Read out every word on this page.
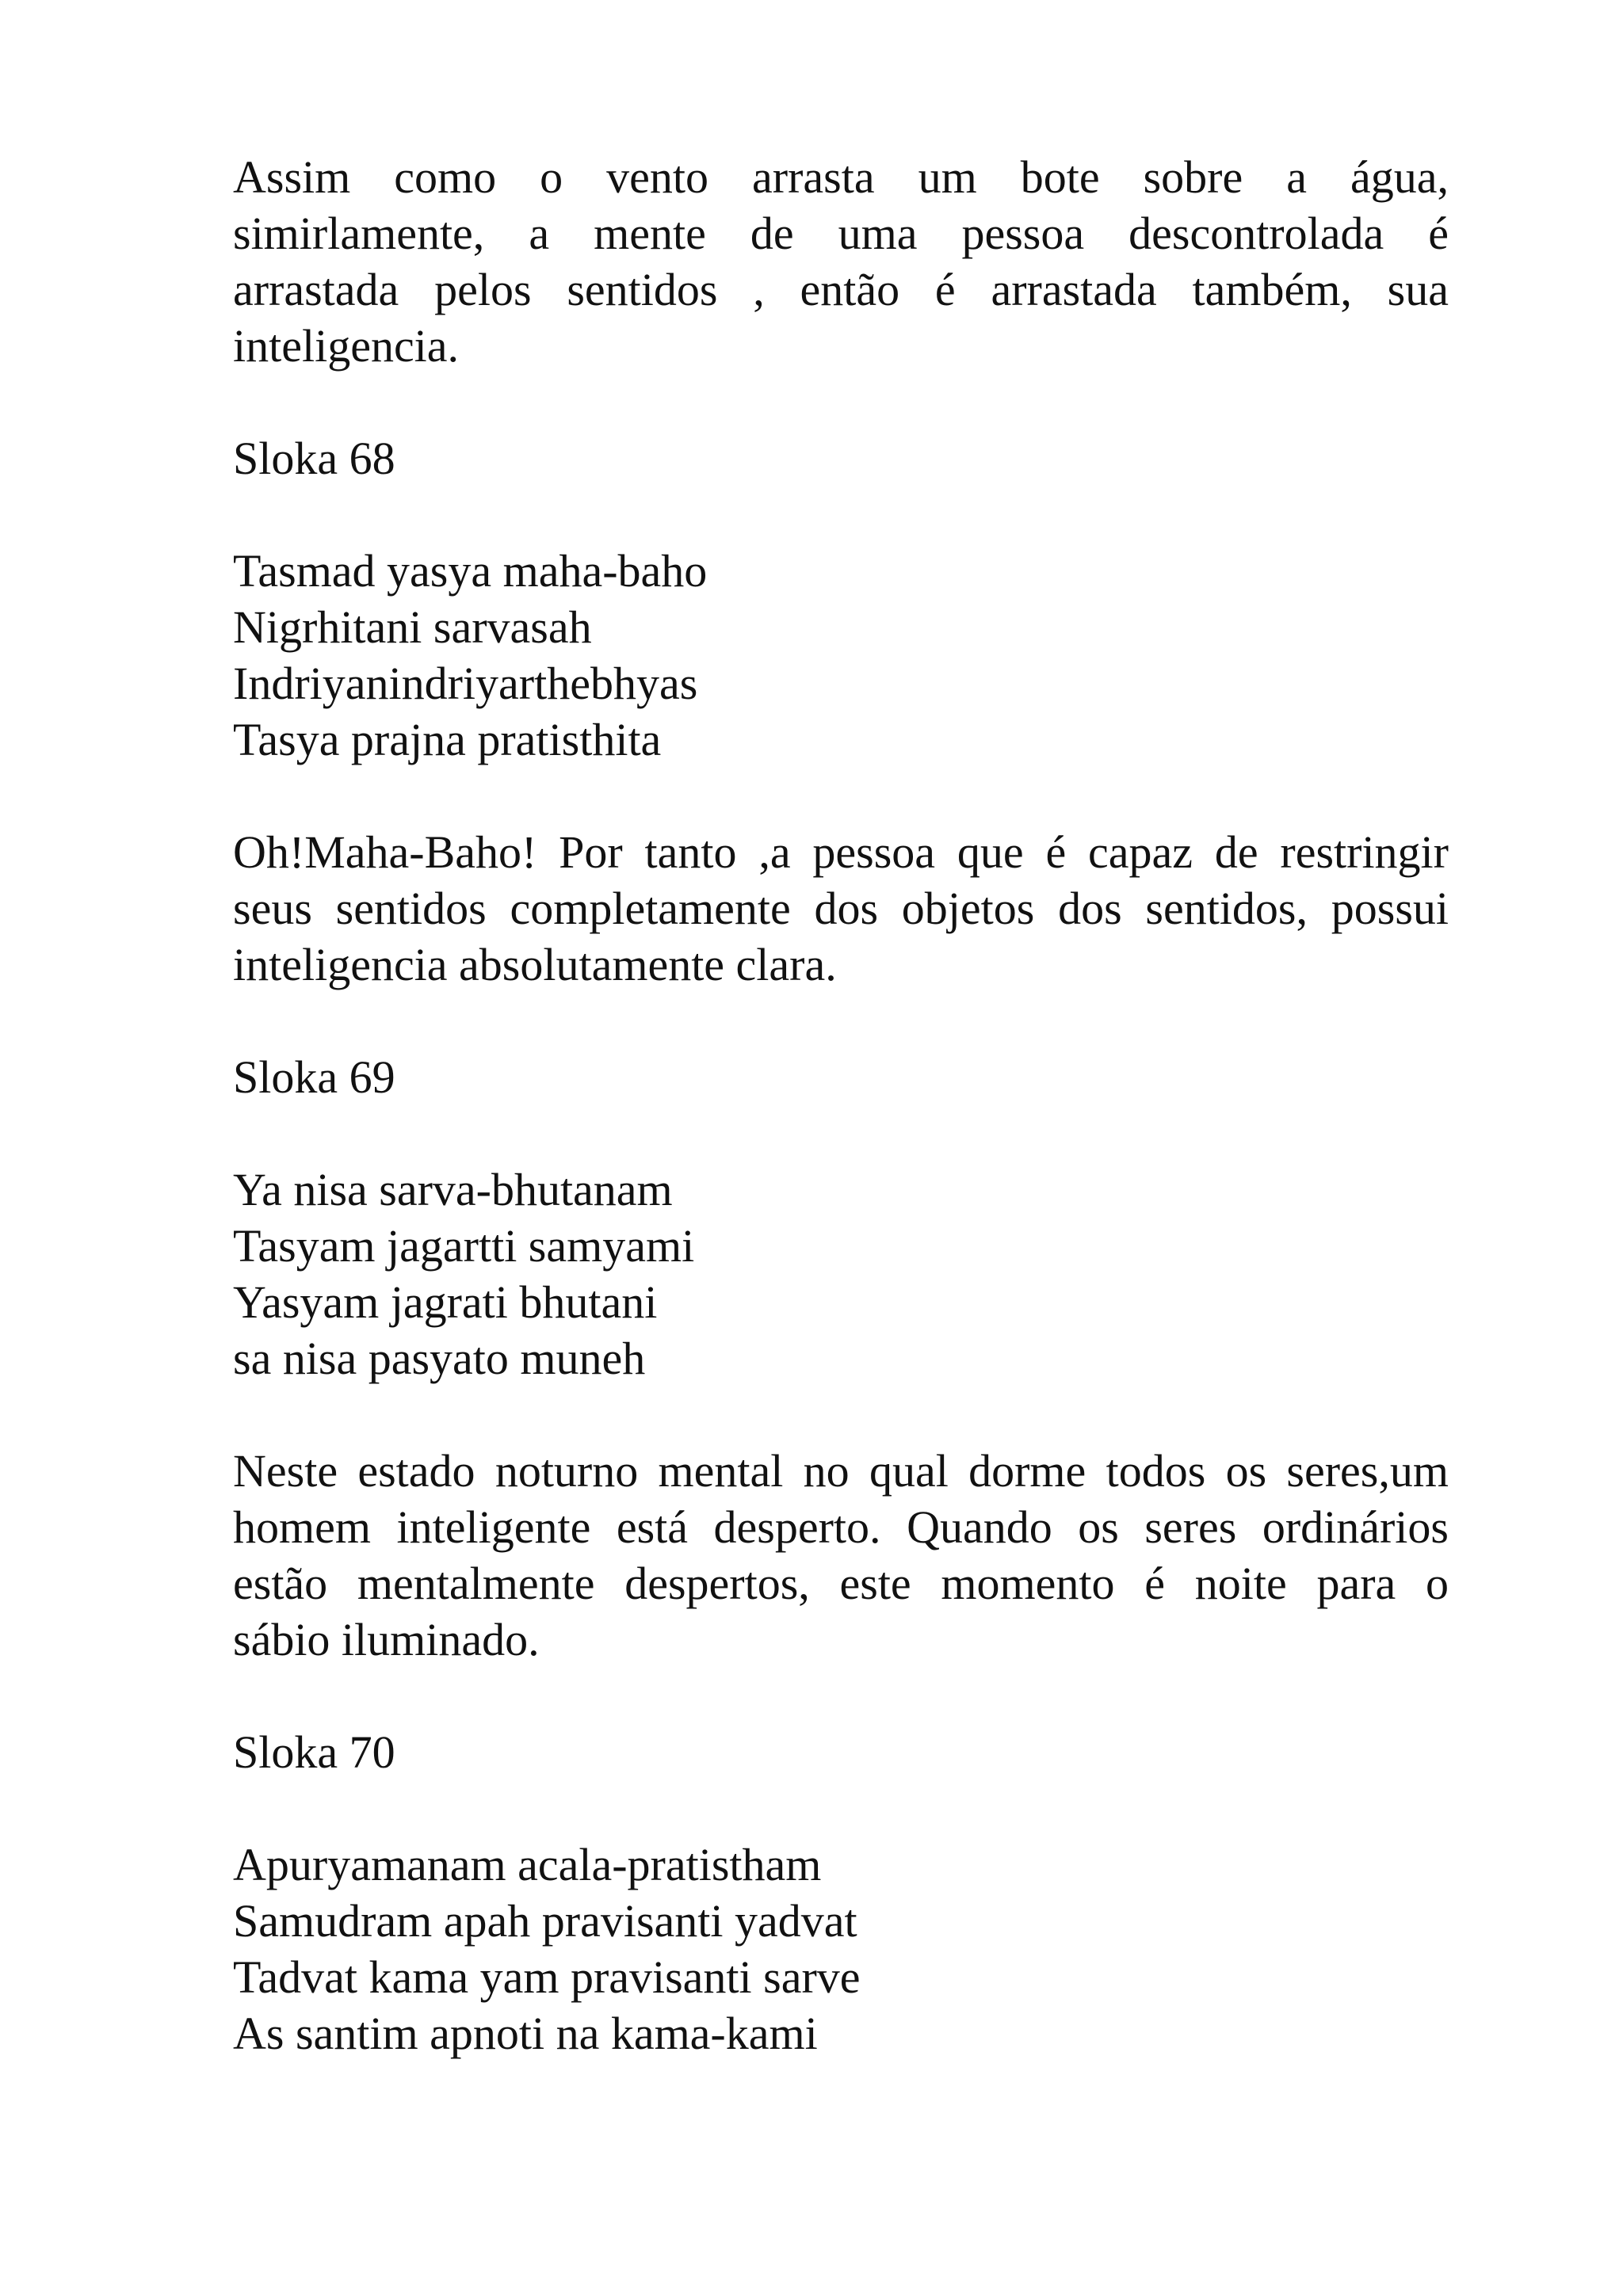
Assim como o vento arrasta um bote sobre a água,
simirlamente, a mente de uma pessoa descontrolada é
arrastada pelos sentidos , então é arrastada também, sua
inteligencia.

Sloka 68

Tasmad yasya maha-baho
Nigrhitani sarvasah
Indriyanindriyarthebhyas
Tasya prajna pratisthita

Oh!Maha-Baho! Por tanto ,a pessoa que é capaz de restringir
seus sentidos completamente dos objetos dos sentidos, possui
inteligencia absolutamente clara.

Sloka 69

Ya nisa sarva-bhutanam
Tasyam jagartti samyami
Yasyam jagrati bhutani
sa nisa pasyato muneh

Neste estado noturno mental no qual dorme todos os seres,um
homem inteligente está desperto. Quando os seres ordinários
estão mentalmente despertos, este momento é noite para o
sábio iluminado.

Sloka 70

Apuryamanam acala-pratistham
Samudram apah pravisanti yadvat
Tadvat kama yam pravisanti sarve
As santim apnoti na kama-kami
